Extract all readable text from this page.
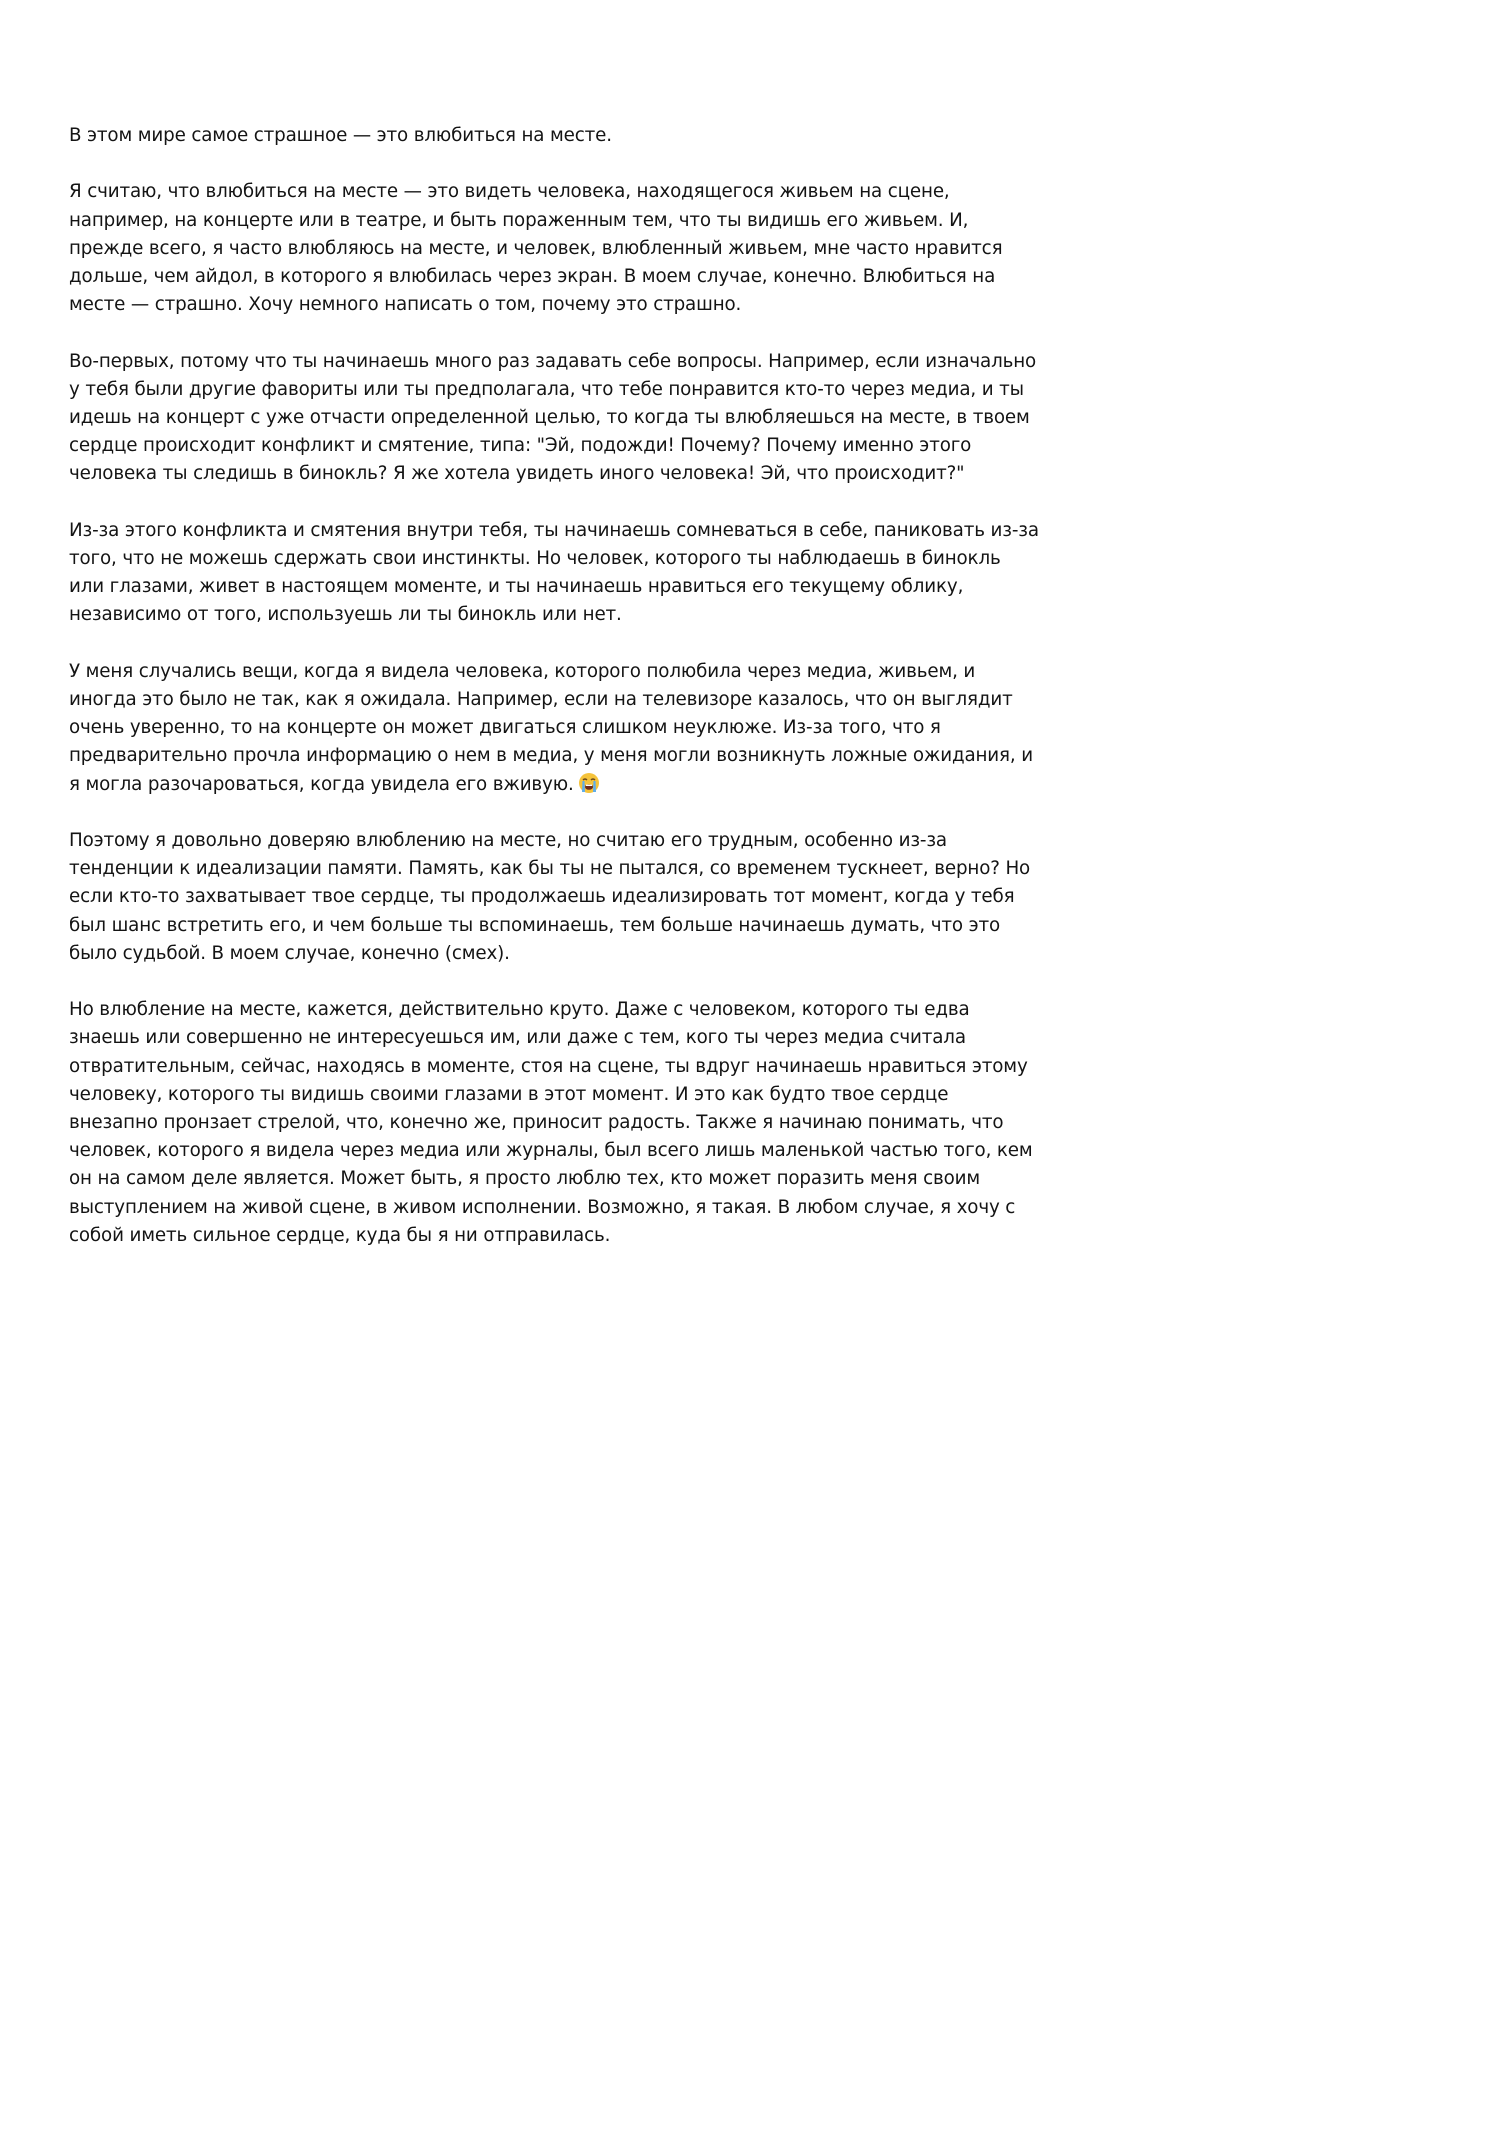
В этом мире самое страшное — это влюбиться на месте.

Я считаю, что влюбиться на месте — это видеть человека, находящегося живьем на сцене, например, на концерте или в театре, и быть пораженным тем, что ты видишь его живьем. И, прежде всего, я часто влюбляюсь на месте, и человек, влюбленный живьем, мне часто нравится дольше, чем айдол, в которого я влюбилась через экран. В моем случае, конечно. Влюбиться на месте — страшно. Хочу немного написать о том, почему это страшно.

Во-первых, потому что ты начинаешь много раз задавать себе вопросы. Например, если изначально у тебя были другие фавориты или ты предполагала, что тебе понравится кто-то через медиа, и ты идешь на концерт с уже отчасти определенной целью, то когда ты влюбляешься на месте, в твоем сердце происходит конфликт и смятение, типа: "Эй, подожди! Почему? Почему именно этого человека ты следишь в бинокль? Я же хотела увидеть иного человека! Эй, что происходит?"

Из-за этого конфликта и смятения внутри тебя, ты начинаешь сомневаться в себе, паниковать из-за того, что не можешь сдержать свои инстинкты. Но человек, которого ты наблюдаешь в бинокль или глазами, живет в настоящем моменте, и ты начинаешь нравиться его текущему облику, независимо от того, используешь ли ты бинокль или нет.

У меня случались вещи, когда я видела человека, которого полюбила через медиа, живьем, и иногда это было не так, как я ожидала. Например, если на телевизоре казалось, что он выглядит очень уверенно, то на концерте он может двигаться слишком неуклюже. Из-за того, что я предварительно прочла информацию о нем в медиа, у меня могли возникнуть ложные ожидания, и я могла разочароваться, когда увидела его вживую.

Поэтому я довольно доверяю влюблению на месте, но считаю его трудным, особенно из-за тенденции к идеализации памяти. Память, как бы ты не пытался, со временем тускнеет, верно? Но если кто-то захватывает твое сердце, ты продолжаешь идеализировать тот момент, когда у тебя был шанс встретить его, и чем больше ты вспоминаешь, тем больше начинаешь думать, что это было судьбой. В моем случае, конечно (смех).

Но влюбление на месте, кажется, действительно круто. Даже с человеком, которого ты едва знаешь или совершенно не интересуешься им, или даже с тем, кого ты через медиа считала отвратительным, сейчас, находясь в моменте, стоя на сцене, ты вдруг начинаешь нравиться этому человеку, которого ты видишь своими глазами в этот момент. И это как будто твое сердце внезапно пронзает стрелой, что, конечно же, приносит радость. Также я начинаю понимать, что человек, которого я видела через медиа или журналы, был всего лишь маленькой частью того, кем он на самом деле является. Может быть, я просто люблю тех, кто может поразить меня своим выступлением на живой сцене, в живом исполнении. Возможно, я такая. В любом случае, я хочу с собой иметь сильное сердце, куда бы я ни отправилась.
